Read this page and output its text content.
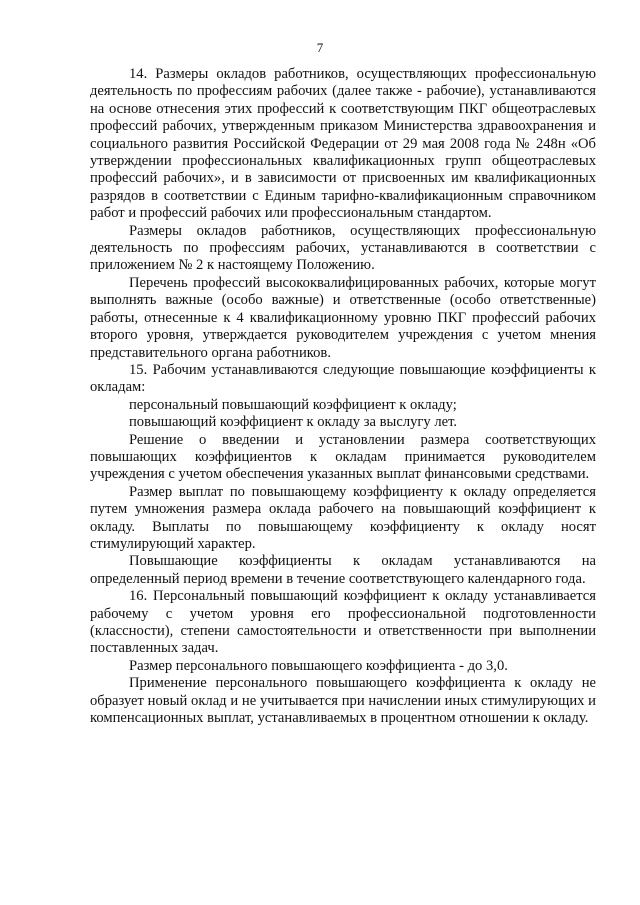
7

14. Размеры окладов работников, осуществляющих профессиональную деятельность по профессиям рабочих (далее также - рабочие), устанавливаются на основе отнесения этих профессий к соответствующим ПКГ общеотраслевых профессий рабочих, утвержденным приказом Министерства здравоохранения и социального развития Российской Федерации от 29 мая 2008 года № 248н «Об утверждении профессиональных квалификационных групп общеотраслевых профессий рабочих», и в зависимости от присвоенных им квалификационных разрядов в соответствии с Единым тарифно-квалификационным справочником работ и профессий рабочих или профессиональным стандартом.

Размеры окладов работников, осуществляющих профессиональную деятельность по профессиям рабочих, устанавливаются в соответствии с приложением № 2 к настоящему Положению.

Перечень профессий высококвалифицированных рабочих, которые могут выполнять важные (особо важные) и ответственные (особо ответственные) работы, отнесенные к 4 квалификационному уровню ПКГ профессий рабочих второго уровня, утверждается руководителем учреждения с учетом мнения представительного органа работников.

15. Рабочим устанавливаются следующие повышающие коэффициенты к окладам:

персональный повышающий коэффициент к окладу;

повышающий коэффициент к окладу за выслугу лет.

Решение о введении и установлении размера соответствующих повышающих коэффициентов к окладам принимается руководителем учреждения с учетом обеспечения указанных выплат финансовыми средствами.

Размер выплат по повышающему коэффициенту к окладу определяется путем умножения размера оклада рабочего на повышающий коэффициент к окладу. Выплаты по повышающему коэффициенту к окладу носят стимулирующий характер.

Повышающие коэффициенты к окладам устанавливаются на определенный период времени в течение соответствующего календарного года.

16. Персональный повышающий коэффициент к окладу устанавливается рабочему с учетом уровня его профессиональной подготовленности (классности), степени самостоятельности и ответственности при выполнении поставленных задач.

Размер персонального повышающего коэффициента - до 3,0.

Применение персонального повышающего коэффициента к окладу не образует новый оклад и не учитывается при начислении иных стимулирующих и компенсационных выплат, устанавливаемых в процентном отношении к окладу.
